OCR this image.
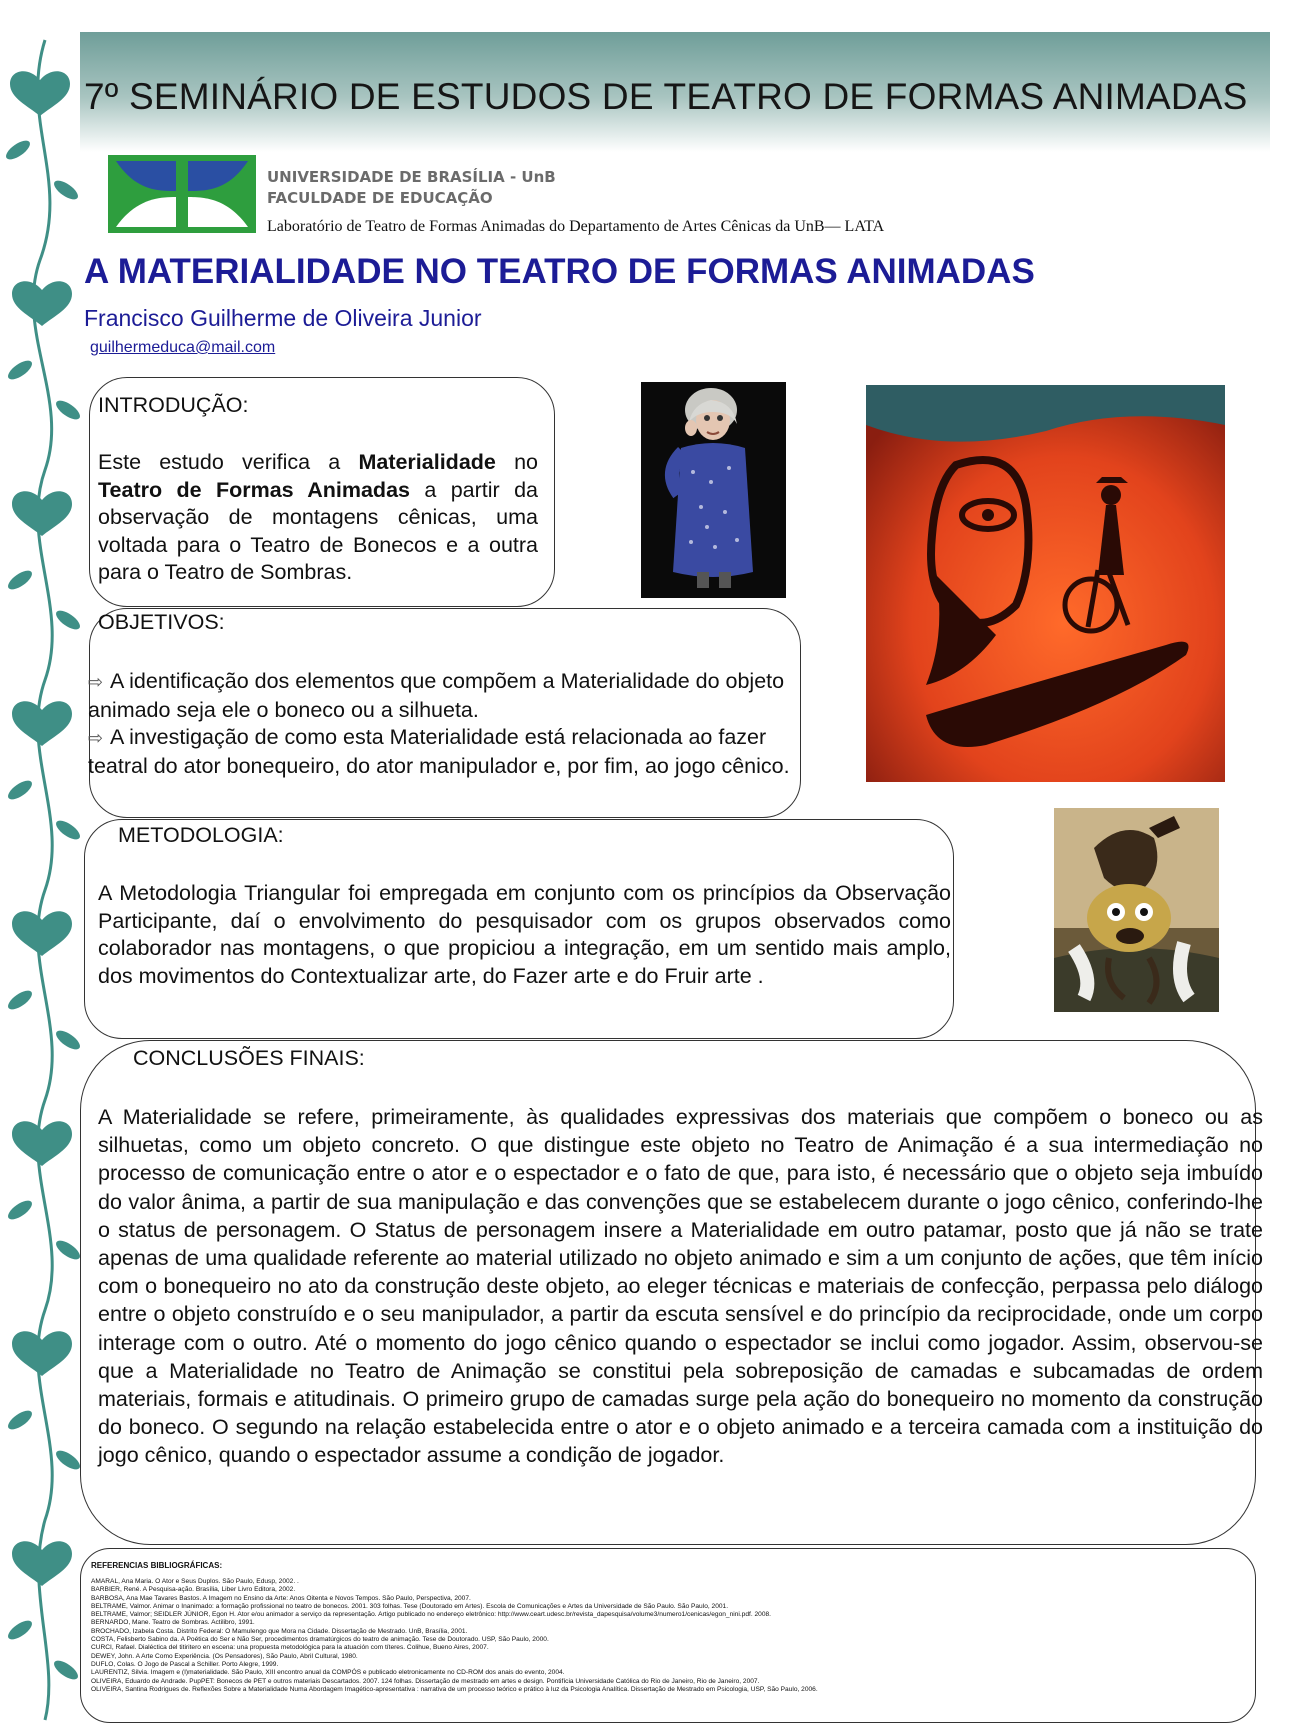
7º SEMINÁRIO DE ESTUDOS DE TEATRO DE FORMAS ANIMADAS
UNIVERSIDADE DE BRASÍLIA - UnB
FACULDADE DE EDUCAÇÃO
Laboratório de Teatro de Formas Animadas do Departamento de Artes Cênicas da UnB— LATA
A MATERIALIDADE NO TEATRO DE FORMAS ANIMADAS
Francisco Guilherme de Oliveira Junior
guilhermeduca@mail.com
INTRODUÇÃO:
Este estudo verifica a Materialidade no Teatro de Formas Animadas a partir da observação de montagens cênicas, uma voltada para o Teatro de Bonecos e a outra para o Teatro de Sombras.
OBJETIVOS:
⇨ A identificação dos elementos que compõem a Materialidade do objeto animado seja ele o boneco ou a silhueta.
⇨ A investigação de como esta Materialidade está relacionada ao fazer teatral do ator bonequeiro, do ator manipulador e, por fim, ao jogo cênico.
METODOLOGIA:
A Metodologia Triangular foi empregada em conjunto com os princípios da Observação Participante, daí o envolvimento do pesquisador com os grupos observados como colaborador nas montagens, o que propiciou a integração, em um sentido mais amplo, dos movimentos do Contextualizar arte, do Fazer arte e do Fruir arte .
CONCLUSÕES FINAIS:
A Materialidade se refere, primeiramente, às qualidades expressivas dos materiais que compõem o boneco ou as silhuetas, como um objeto concreto. O que distingue este objeto no Teatro de Animação é a sua intermediação no processo de comunicação entre o ator e o espectador e o fato de que, para isto, é necessário que o objeto seja imbuído do valor ânima, a partir de sua manipulação e das convenções que se estabelecem durante o jogo cênico, conferindo-lhe o status de personagem. O Status de personagem insere a Materialidade em outro patamar, posto que já não se trate apenas de uma qualidade referente ao material utilizado no objeto animado e sim a um conjunto de ações, que têm início com o bonequeiro no ato da construção deste objeto, ao eleger técnicas e materiais de confecção, perpassa pelo diálogo entre o objeto construído e o seu manipulador, a partir da escuta sensível e do princípio da reciprocidade, onde um corpo interage com o outro. Até o momento do jogo cênico quando o espectador se inclui como jogador. Assim, observou-se que a Materialidade no Teatro de Animação se constitui pela sobreposição de camadas e subcamadas de ordem materiais, formais e atitudinais. O primeiro grupo de camadas surge pela ação do bonequeiro no momento da construção do boneco. O segundo na relação estabelecida entre o ator e o objeto animado e a terceira camada com a instituição do jogo cênico, quando o espectador assume a condição de jogador.
REFERENCIAS BIBLIOGRÁFICAS:
AMARAL, Ana Maria. O Ator e Seus Duplos. São Paulo, Edusp, 2002. .
BARBIER, René. A Pesquisa-ação. Brasília, Liber Livro Editora, 2002.
BARBOSA, Ana Mae Tavares Bastos. A Imagem no Ensino da Arte: Anos Oitenta e Novos Tempos. São Paulo, Perspectiva, 2007.
BELTRAME, Valmor. Animar o Inanimado: a formação profissional no teatro de bonecos. 2001. 303 folhas. Tese (Doutorado em Artes). Escola de Comunicações e Artes da Universidade de São Paulo. São Paulo, 2001.
BELTRAME, Valmor; SEIDLER JÚNIOR, Egon H. Ator e/ou animador a serviço da representação. Artigo publicado no endereço eletrônico: http://www.ceart.udesc.br/revista_dapesquisa/volume3/numero1/cenicas/egon_nini.pdf. 2008.
BERNARDO, Mane. Teatro de Sombras. Actilibro, 1991.
BROCHADO, Izabela Costa. Distrito Federal: O Mamulengo que Mora na Cidade. Dissertação de Mestrado. UnB, Brasília, 2001.
COSTA, Felisberto Sabino da. A Poética do Ser e Não Ser, procedimentos dramatúrgicos do teatro de animação. Tese de Doutorado. USP, São Paulo, 2000.
CURCI, Rafael. Dialéctica del titiritero en escena: una propuesta metodológica para la atuación com títeres. Colihue, Bueno Aires, 2007.
DEWEY, John. A Arte Como Experiência. (Os Pensadores), São Paulo, Abril Cultural, 1980.
DUFLO, Colas. O Jogo de Pascal a Schiller. Porto Alegre, 1999.
LAURENTIZ, Silvia. Imagem e (I)materialidade. São Paulo, XIII encontro anual da COMPÓS e publicado eletronicamente no CD-ROM dos anais do evento, 2004.
OLIVEIRA, Eduardo de Andrade. PupPET: Bonecos de PET e outros materiais Descartados. 2007. 124 folhas. Dissertação de mestrado em artes e design. Pontifícia Universidade Católica do Rio de Janeiro, Rio de Janeiro, 2007.
OLIVEIRA, Santina Rodrigues de. Reflexões Sobre a Materialidade Numa Abordagem Imagético-apresentativa : narrativa de um processo teórico e prático à luz da Psicologia Analítica. Dissertação de Mestrado em Psicologia, USP, São Paulo, 2006.
